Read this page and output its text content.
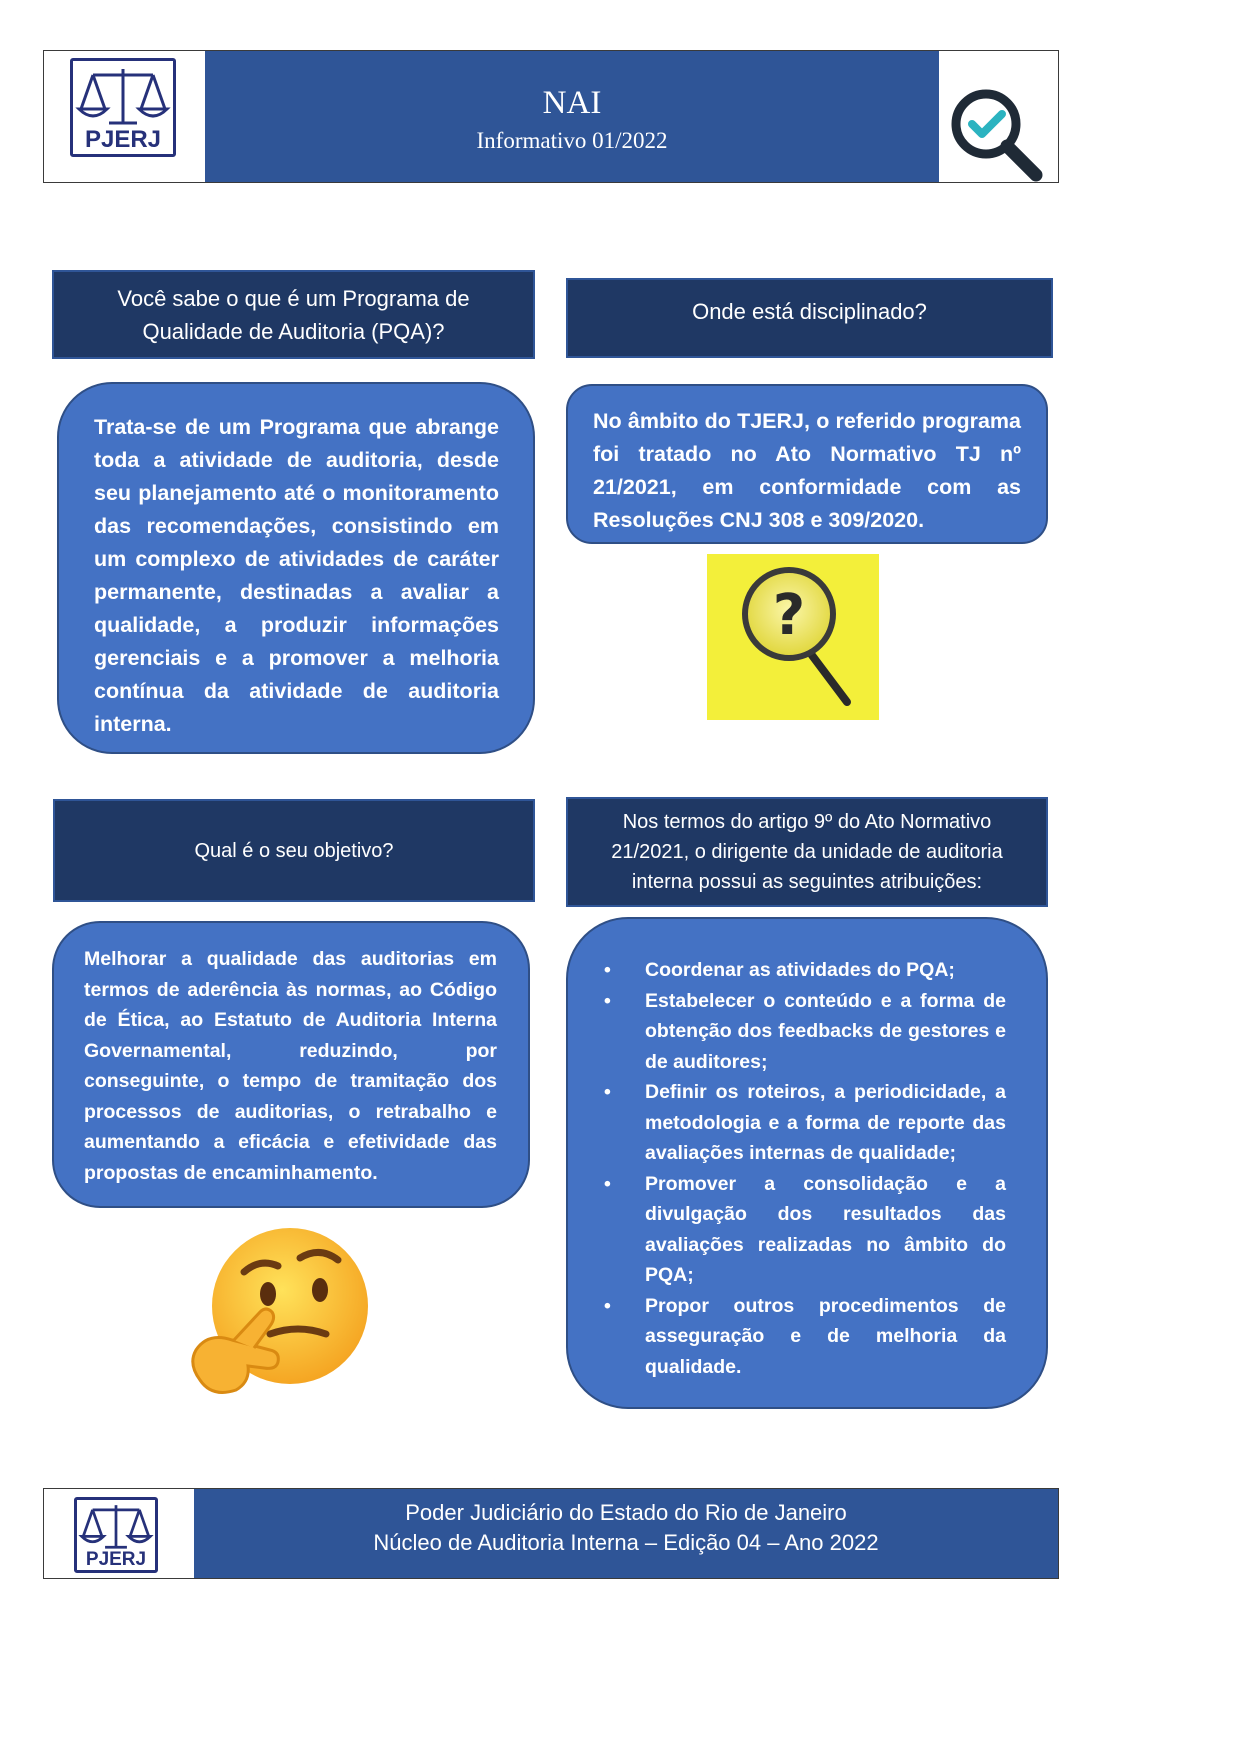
PJERJ
NAI
Informativo 01/2022
Você sabe o que é um Programa de
Qualidade de Auditoria (PQA)?
Trata-se de um Programa que abrange toda a atividade de auditoria, desde seu planejamento até o monitoramento das recomendações, consistindo em um complexo de atividades de caráter permanente, destinadas a avaliar a qualidade, a produzir informações gerenciais e a promover a melhoria contínua da atividade de auditoria interna.
Onde está disciplinado?
No âmbito do TJERJ, o referido programa foi tratado no Ato Normativo TJ nº 21/2021, em conformidade com as Resoluções CNJ 308 e 309/2020.
?
Qual é o seu objetivo?
Melhorar a qualidade das auditorias em termos de aderência às normas, ao Código de Ética, ao Estatuto de Auditoria Interna Governamental, reduzindo, por conseguinte, o tempo de tramitação dos processos de auditorias, o retrabalho e aumentando a eficácia e efetividade das propostas de encaminhamento.
Nos termos do artigo 9º do Ato Normativo
21/2021, o dirigente da unidade de auditoria
interna possui as seguintes atribuições:
• Coordenar as atividades do PQA;
• Estabelecer o conteúdo e a forma de obtenção dos feedbacks de gestores e de auditores;
• Definir os roteiros, a periodicidade, a metodologia e a forma de reporte das avaliações internas de qualidade;
• Promover a consolidação e a divulgação dos resultados das avaliações realizadas no âmbito do PQA;
• Propor outros procedimentos de asseguração e de melhoria da qualidade.
PJERJ
Poder Judiciário do Estado do Rio de Janeiro
Núcleo de Auditoria Interna – Edição 04 – Ano 2022
